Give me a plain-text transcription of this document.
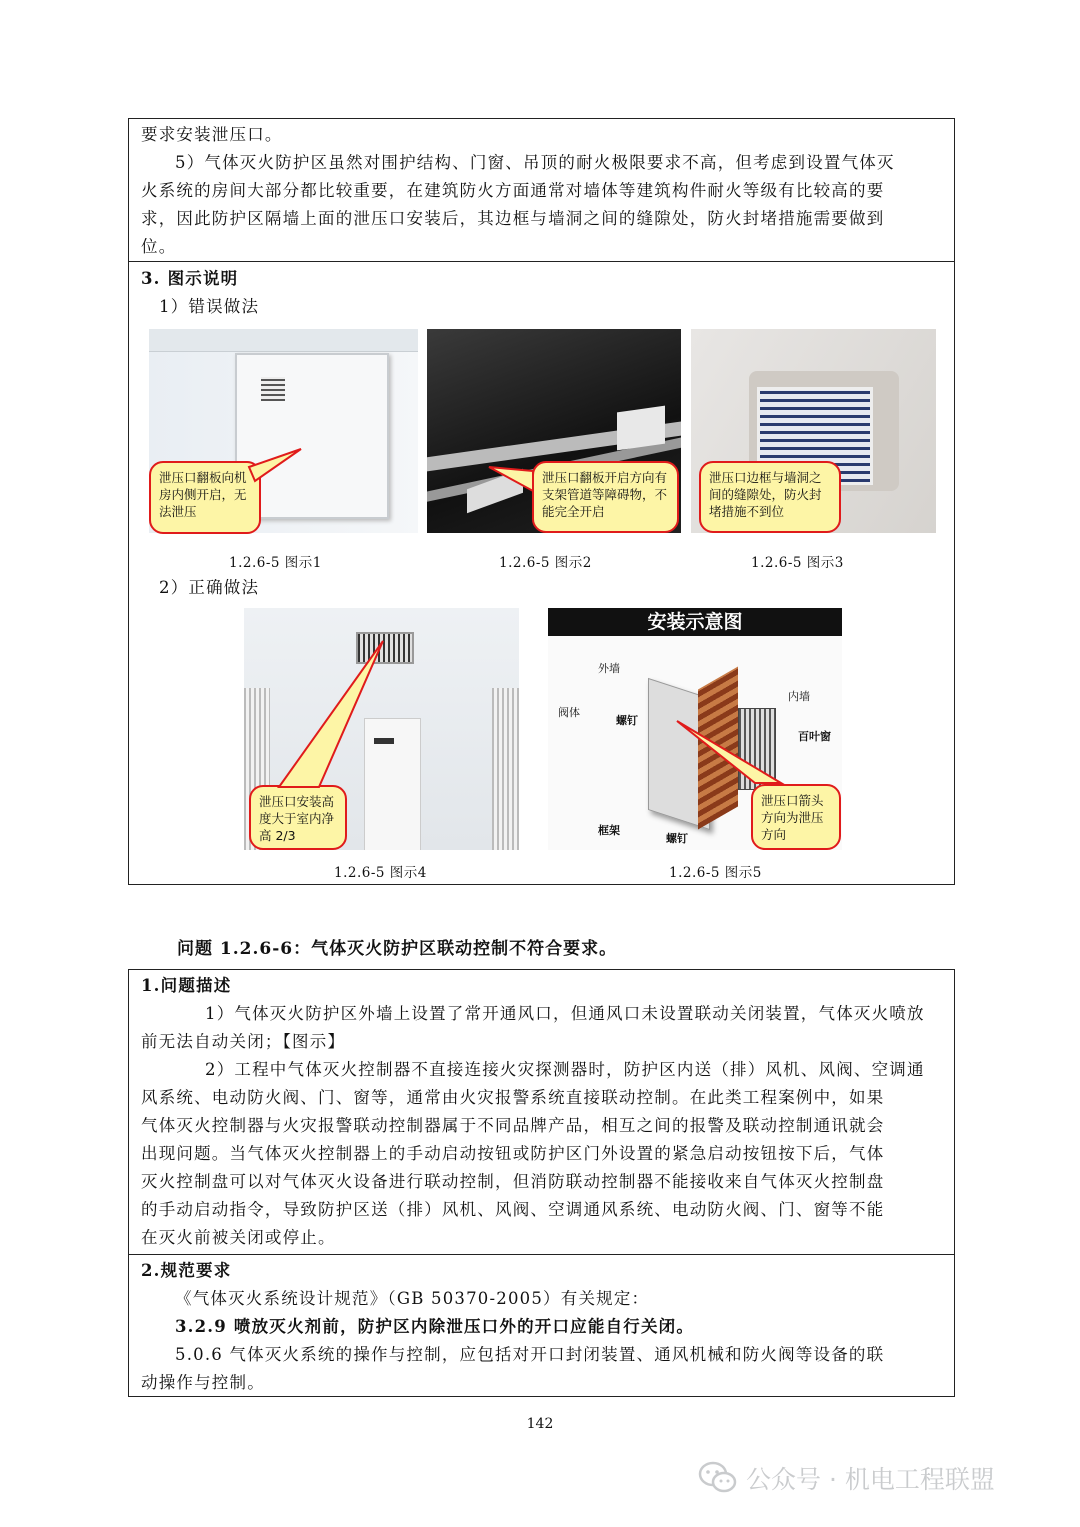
要求安装泄压口。
5）气体灭火防护区虽然对围护结构、门窗、吊顶的耐火极限要求不高，但考虑到设置气体灭
火系统的房间大部分都比较重要，在建筑防火方面通常对墙体等建筑构件耐火等级有比较高的要
求，因此防护区隔墙上面的泄压口安装后，其边框与墙洞之间的缝隙处，防火封堵措施需要做到
位。
3. 图示说明
1）错误做法
2）正确做法
泄压口翻板向机房内侧开启，无法泄压
泄压口翻板开启方向有支架管道等障碍物，不能完全开启
泄压口边框与墙洞之间的缝隙处，防火封堵措施不到位
1.2.6-5 图示1	1.2.6-5 图示2	1.2.6-5 图示3
泄压口安装高度大于室内净高 2/3
安装示意图
外墙
内墙
阀体
螺钉
百叶窗
框架
螺钉
泄压口箭头方向为泄压方向
1.2.6-5 图示4	1.2.6-5 图示5
问题 1.2.6-6：气体灭火防护区联动控制不符合要求。
1.问题描述
1）气体灭火防护区外墙上设置了常开通风口，但通风口未设置联动关闭装置，气体灭火喷放
前无法自动关闭；【图示】
2）工程中气体灭火控制器不直接连接火灾探测器时，防护区内送（排）风机、风阀、空调通
风系统、电动防火阀、门、窗等，通常由火灾报警系统直接联动控制。在此类工程案例中，如果
气体灭火控制器与火灾报警联动控制器属于不同品牌产品，相互之间的报警及联动控制通讯就会
出现问题。当气体灭火控制器上的手动启动按钮或防护区门外设置的紧急启动按钮按下后，气体
灭火控制盘可以对气体灭火设备进行联动控制，但消防联动控制器不能接收来自气体灭火控制盘
的手动启动指令，导致防护区送（排）风机、风阀、空调通风系统、电动防火阀、门、窗等不能
在灭火前被关闭或停止。
2.规范要求
《气体灭火系统设计规范》（GB 50370-2005）有关规定：
3.2.9 喷放灭火剂前，防护区内除泄压口外的开口应能自行关闭。
5.0.6 气体灭火系统的操作与控制，应包括对开口封闭装置、通风机械和防火阀等设备的联
动操作与控制。
142
公众号 · 机电工程联盟
